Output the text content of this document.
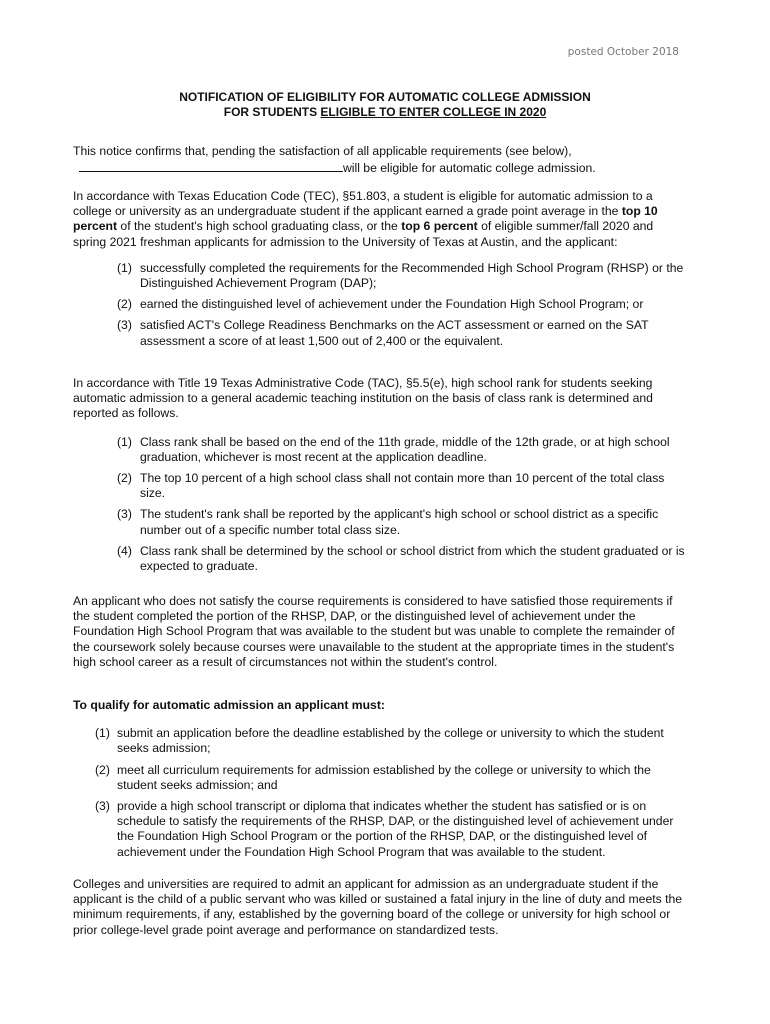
posted October 2018
NOTIFICATION OF ELIGIBILITY FOR AUTOMATIC COLLEGE ADMISSION
FOR STUDENTS ELIGIBLE TO ENTER COLLEGE IN 2020

This notice confirms that, pending the satisfaction of all applicable requirements (see below),

will be eligible for automatic college admission.

In accordance with Texas Education Code (TEC), §51.803, a student is eligible for automatic admission to a college or university as an undergraduate student if the applicant earned a grade point average in the top 10 percent of the student's high school graduating class, or the top 6 percent of eligible summer/fall 2020 and spring 2021 freshman applicants for admission to the University of Texas at Austin, and the applicant:

(1) successfully completed the requirements for the Recommended High School Program (RHSP) or the Distinguished Achievement Program (DAP);
(2) earned the distinguished level of achievement under the Foundation High School Program; or
(3) satisfied ACT's College Readiness Benchmarks on the ACT assessment or earned on the SAT assessment a score of at least 1,500 out of 2,400 or the equivalent.

In accordance with Title 19 Texas Administrative Code (TAC), §5.5(e), high school rank for students seeking automatic admission to a general academic teaching institution on the basis of class rank is determined and reported as follows.

(1) Class rank shall be based on the end of the 11th grade, middle of the 12th grade, or at high school graduation, whichever is most recent at the application deadline.
(2) The top 10 percent of a high school class shall not contain more than 10 percent of the total class size.
(3) The student's rank shall be reported by the applicant's high school or school district as a specific number out of a specific number total class size.
(4) Class rank shall be determined by the school or school district from which the student graduated or is expected to graduate.
An applicant who does not satisfy the course requirements is considered to have satisfied those requirements if the student completed the portion of the RHSP, DAP, or the distinguished level of achievement under the Foundation High School Program that was available to the student but was unable to complete the remainder of the coursework solely because courses were unavailable to the student at the appropriate times in the student's high school career as a result of circumstances not within the student's control.

To qualify for automatic admission an applicant must:

(1) submit an application before the deadline established by the college or university to which the student seeks admission;
(2) meet all curriculum requirements for admission established by the college or university to which the student seeks admission; and
(3) provide a high school transcript or diploma that indicates whether the student has satisfied or is on schedule to satisfy the requirements of the RHSP, DAP, or the distinguished level of achievement under the Foundation High School Program or the portion of the RHSP, DAP, or the distinguished level of achievement under the Foundation High School Program that was available to the student.
Colleges and universities are required to admit an applicant for admission as an undergraduate student if the applicant is the child of a public servant who was killed or sustained a fatal injury in the line of duty and meets the minimum requirements, if any, established by the governing board of the college or university for high school or prior college-level grade point average and performance on standardized tests.
